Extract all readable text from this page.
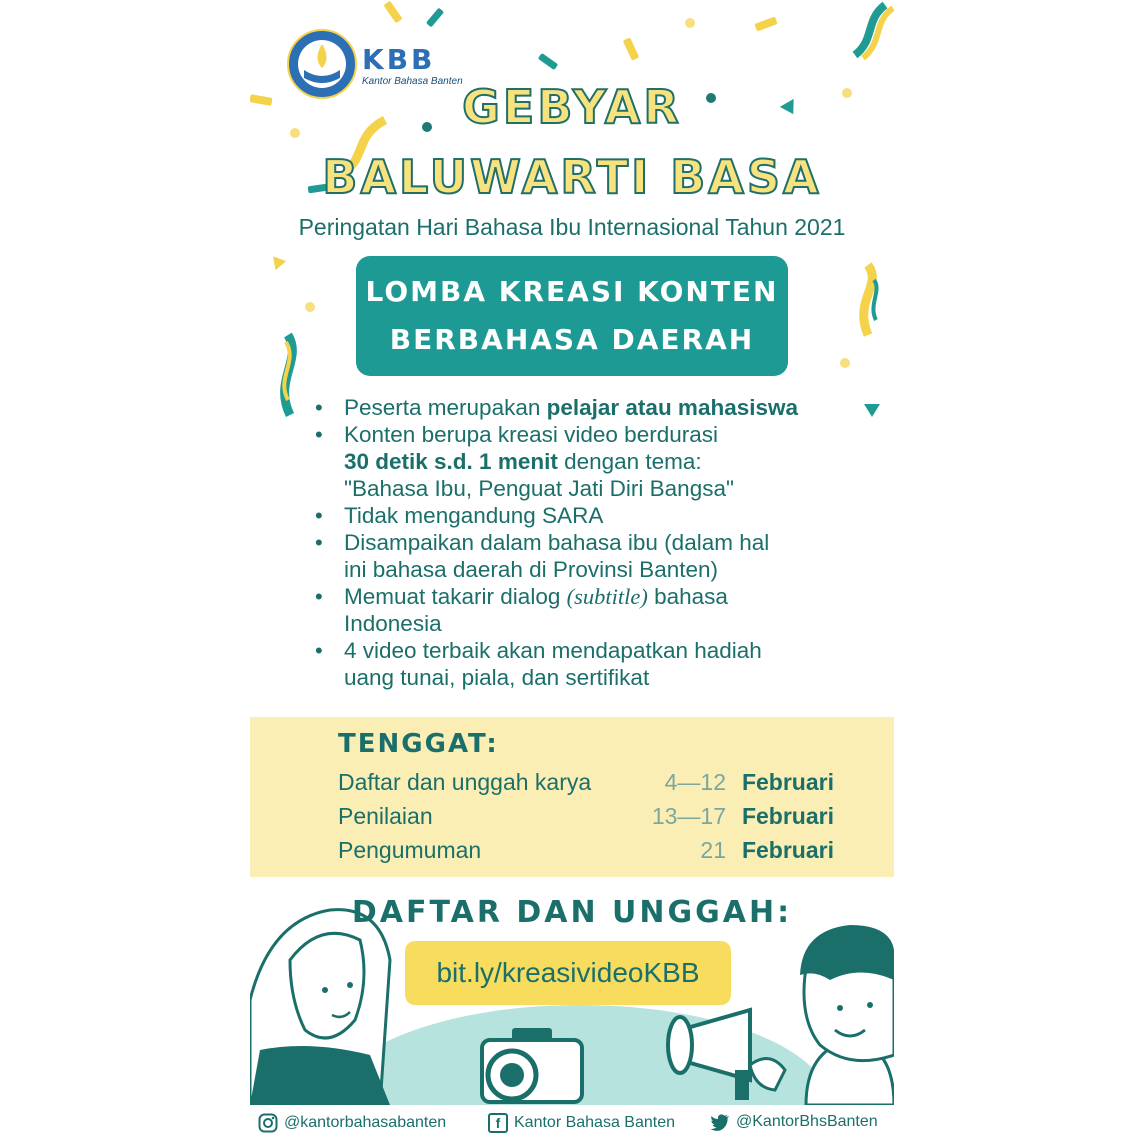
KBB
Kantor Bahasa Banten GEBYAR
BALUWARTI BASA
Peringatan Hari Bahasa Ibu Internasional Tahun 2021
LOMBA KREASI KONTEN
BERBAHASA DAERAH
• Peserta merupakan pelajar atau mahasiswa
• Konten berupa kreasi video berdurasi
30 detik s.d. 1 menit dengan tema:
"Bahasa Ibu, Penguat Jati Diri Bangsa"
• Tidak mengandung SARA
• Disampaikan dalam bahasa ibu (dalam hal
ini bahasa daerah di Provinsi Banten)
• Memuat takarir dialog (subtitle) bahasa
Indonesia
• 4 video terbaik akan mendapatkan hadiah
uang tunai, piala, dan sertifikat
TENGGAT:
Daftar dan unggah karya	4—12 Februari
Penilaian	13—17 Februari
Pengumuman	21 Februari
DAFTAR DAN UNGGAH:
bit.ly/kreasivideoKBB
@kantorbahasabanten	f Kantor Bahasa Banten	@KantorBhsBanten
